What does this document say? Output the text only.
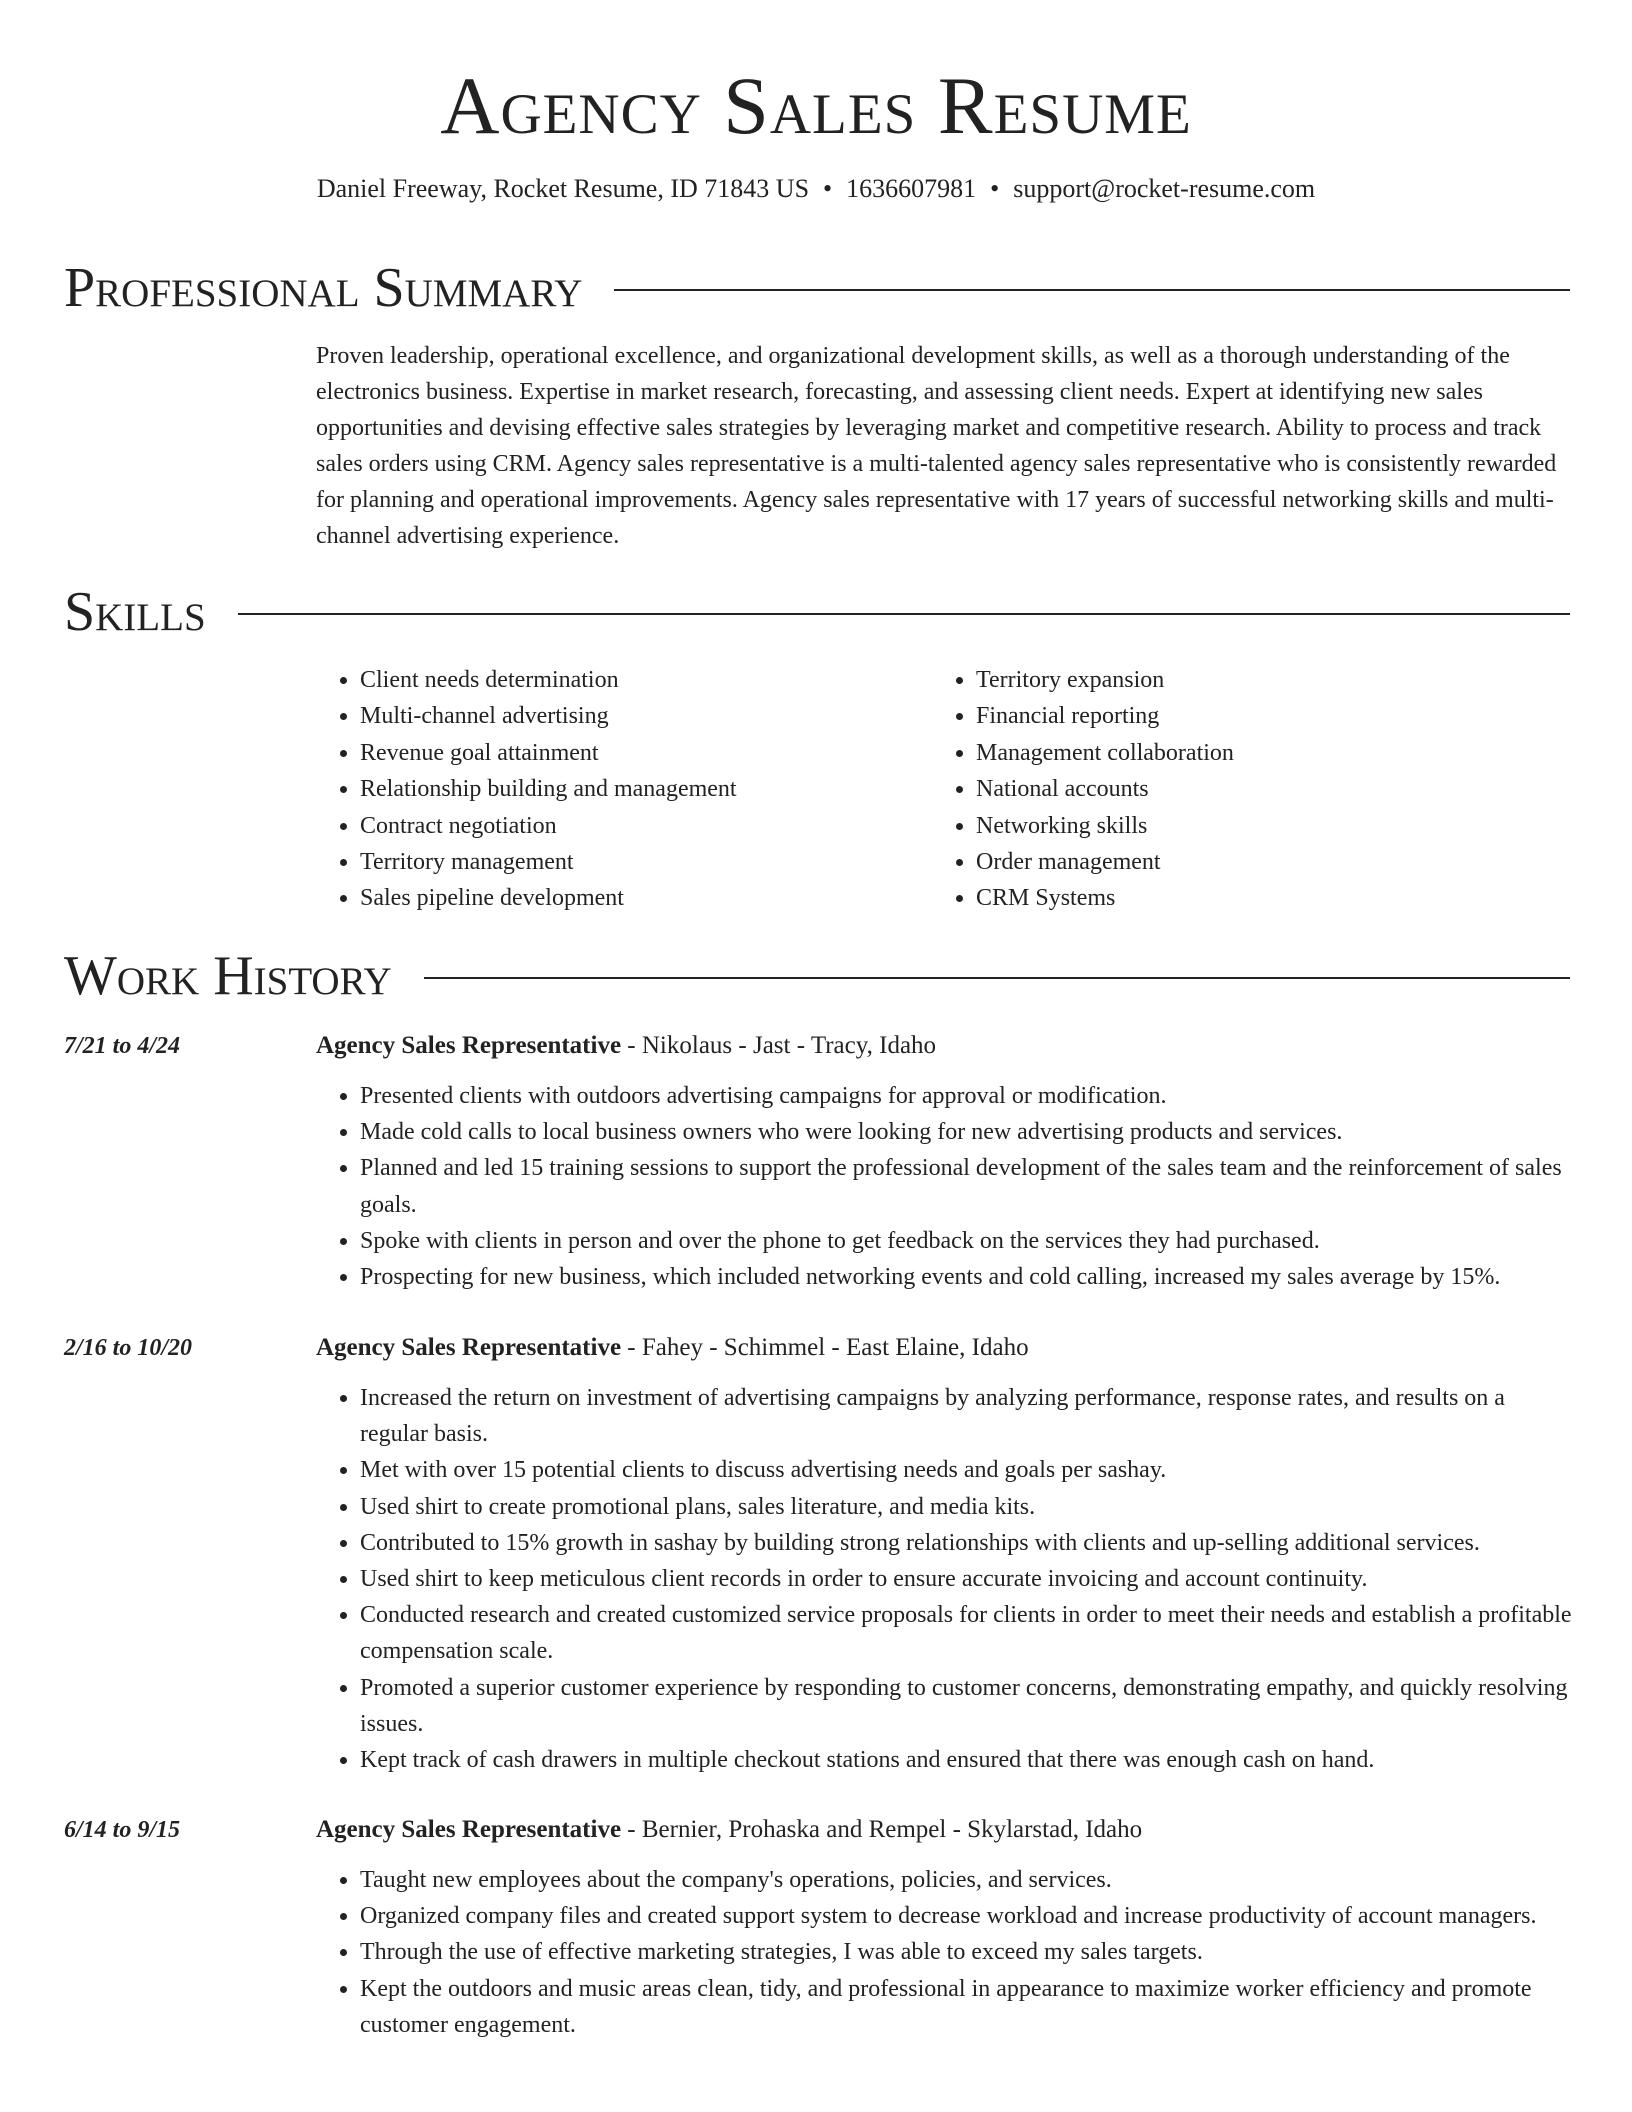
Agency Sales Resume
Daniel Freeway, Rocket Resume, ID 71843 US • 1636607981 • support@rocket-resume.com
Professional Summary

Proven leadership, operational excellence, and organizational development skills, as well as a thorough understanding of the electronics business. Expertise in market research, forecasting, and assessing client needs. Expert at identifying new sales opportunities and devising effective sales strategies by leveraging market and competitive research. Ability to process and track sales orders using CRM. Agency sales representative is a multi-talented agency sales representative who is consistently rewarded for planning and operational improvements. Agency sales representative with 17 years of successful networking skills and multi-channel advertising experience.

Skills
• Client needs determination
• Multi-channel advertising
• Revenue goal attainment
• Relationship building and management
• Contract negotiation
• Territory management
• Sales pipeline development
• Territory expansion
• Financial reporting
• Management collaboration
• National accounts
• Networking skills
• Order management
• CRM Systems
Work History
7/21 to 4/24	Agency Sales Representative - Nikolaus - Jast - Tracy, Idaho
• Presented clients with outdoors advertising campaigns for approval or modification.
• Made cold calls to local business owners who were looking for new advertising products and services.
• Planned and led 15 training sessions to support the professional development of the sales team and the reinforcement of sales goals.
• Spoke with clients in person and over the phone to get feedback on the services they had purchased.
• Prospecting for new business, which included networking events and cold calling, increased my sales average by 15%.
2/16 to 10/20	Agency Sales Representative - Fahey - Schimmel - East Elaine, Idaho
• Increased the return on investment of advertising campaigns by analyzing performance, response rates, and results on a regular basis.
• Met with over 15 potential clients to discuss advertising needs and goals per sashay.
• Used shirt to create promotional plans, sales literature, and media kits.
• Contributed to 15% growth in sashay by building strong relationships with clients and up-selling additional services.
• Used shirt to keep meticulous client records in order to ensure accurate invoicing and account continuity.
• Conducted research and created customized service proposals for clients in order to meet their needs and establish a profitable compensation scale.
• Promoted a superior customer experience by responding to customer concerns, demonstrating empathy, and quickly resolving issues.
• Kept track of cash drawers in multiple checkout stations and ensured that there was enough cash on hand.
6/14 to 9/15	Agency Sales Representative - Bernier, Prohaska and Rempel - Skylarstad, Idaho
• Taught new employees about the company's operations, policies, and services.
• Organized company files and created support system to decrease workload and increase productivity of account managers.
• Through the use of effective marketing strategies, I was able to exceed my sales targets.
• Kept the outdoors and music areas clean, tidy, and professional in appearance to maximize worker efficiency and promote customer engagement.
